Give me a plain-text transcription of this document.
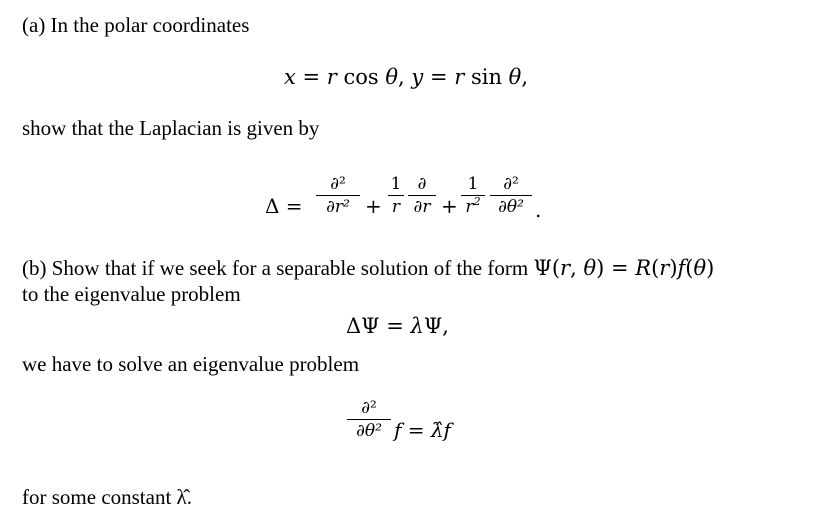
(a) In the polar coordinates
x = r cos θ, y = r sin θ,
show that the Laplacian is given by
Δ =
∂²
∂r² +
1
r
∂
∂r +
1
$r^2$
∂²
∂θ² .
(b) Show that if we seek for a separable solution of the form Ψ(r, θ) = R(r)f(θ)
to the eigenvalue problem
ΔΨ = λΨ,
we have to solve an eigenvalue problem
∂²
∂θ² f = λ̂f
for some constant λ̂.
